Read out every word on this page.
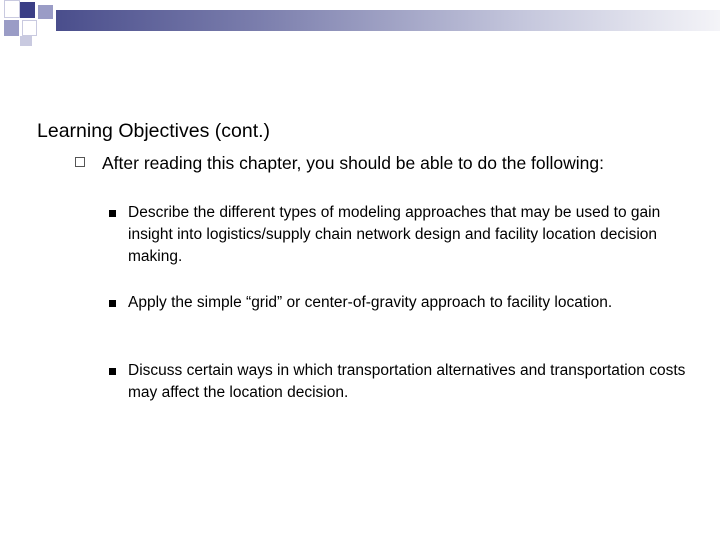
Learning Objectives (cont.)
After reading this chapter, you should be able to do the following:
Describe the different types of modeling approaches that may be used to gain insight into logistics/supply chain network design and facility location decision making.
Apply the simple “grid” or center-of-gravity approach to facility location.
Discuss certain ways in which transportation alternatives and transportation costs may affect the location decision.
